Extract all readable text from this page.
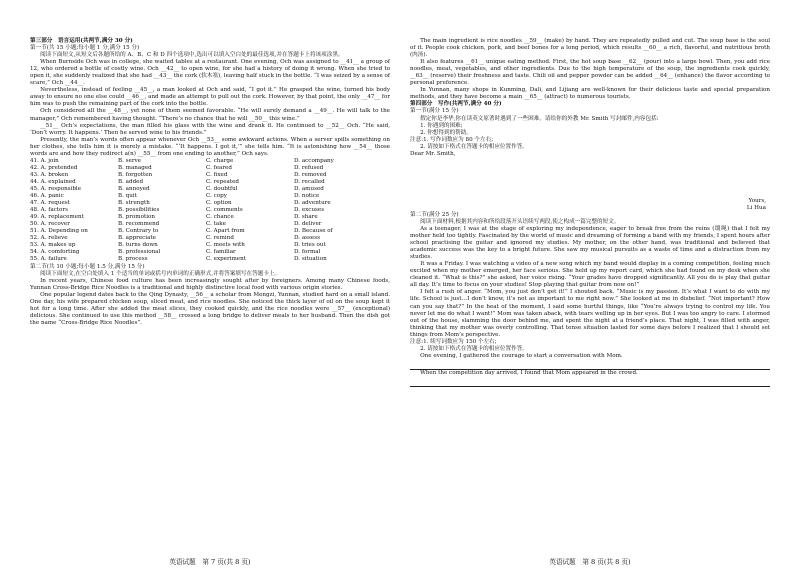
第三部分　语言运用(共两节,满分 30 分)

第一节(共 15 小题;每小题 1 分,满分 15 分)

阅读下面短文,从短文后各题所给的 A、B、C 和 D 四个选项中,选出可以填入空白处的最佳选项,并在答题卡上将该项涂黑。

When Burnside Och was in college, she waited tables at a restaurant. One evening, Och was assigned to __41__ a group of 12, who ordered a bottle of costly wine. Och __42__ to open wine, for she had a history of doing it wrong. When she tried to open it, she suddenly realized that she had __43__ the cork (软木塞), leaving half stuck in the bottle. “I was seized by a sense of scare,” Och __44__.

Nevertheless, instead of feeling __45__, a man looked at Och and said, “I got it.” He grasped the wine, turned his body away to ensure no one else could __46__, and made an attempt to pull out the cork. However, by that point, the only __47__ for him was to push the remaining part of the cork into the bottle.

Och considered all the __48__, yet none of them seemed favorable. “He will surely demand a __49__. He will talk to the manager,” Och remembered having thought. “There’s no chance that he will __50__ this wine.”

__51__ Och’s expectations, the man filled his glass with the wine and drank it. He continued to __52__ Och. “He said, ‘Don’t worry. It happens.’ Then he served wine to his friends.”

Presently, the man’s words often appear whenever Och __53__ some awkward actions. When a server spills something on her clothes, she tells him it is merely a mistake. “‘It happens. I got it,’” she tells him. “It is astonishing how __54__ those words are and how they redirect a(n) __55__ from one ending to another,” Och says.

41. A. join	B. serve	C. charge	D. accompany
42. A. pretended	B. managed	C. feared	D. refused
43. A. broken	B. forgotten	C. fixed	D. removed
44. A. explained	B. added	C. repeated	D. recalled
45. A. responsible	B. annoyed	C. doubtful	D. amused
46. A. panic	B. quit	C. copy	D. notice
47. A. request	B. strength	C. option	D. adventure
48. A. factors	B. possibilities	C. comments	D. excuses
49. A. replacement	B. promotion	C. chance	D. share
50. A. recover	B. recommend	C. take	D. deliver
51. A. Depending on	B. Contrary to	C. Apart from	D. Because of
52. A. relieve	B. appreciate	C. remind	D. assess
53. A. makes up	B. turns down	C. meets with	D. tries out
54. A. comforting	B. professional	C. familiar	D. formal
55. A. failure	B. process	C. experiment	D. situation

第二节(共 10 小题;每小题 1.5 分,满分 15 分)

阅读下面短文,在空白处填入 1 个适当的单词或括号内单词的正确形式,并将答案填写在答题卡上。

In recent years, Chinese food culture has been increasingly sought after by foreigners. Among many Chinese foods, Yunnan Cross-Bridge Rice Noodles is a traditional and highly distinctive local food with various origin stories.

One popular legend dates back to the Qing Dynasty, __56__ a scholar from Mengzi, Yunnan, studied hard on a small island. One day, his wife prepared chicken soup, sliced meat, and rice noodles. She noticed the thick layer of oil on the soup kept it hot for a long time. After she added the meat slices, they cooked quickly, and the rice noodles were __57__ (exceptional) delicious. She continued to use this method __58__ crossed a long bridge to deliver meals to her husband. Then the dish got the name “Cross-Bridge Rice Noodles”.

The main ingredient is rice noodles __59__ (make) by hand. They are repeatedly pulled and cut. The soup base is the soul of it. People cook chicken, pork, and beef bones for a long period, which results __60__ a rich, flavorful, and nutritious broth (肉汤).

It also features __61__ unique eating method. First, the hot soup base __62__ (pour) into a large bowl. Then, you add rice noodles, meat, vegetables, and other ingredients. Due to the high temperature of the soup, the ingredients cook quickly, __63__ (reserve) their freshness and taste. Chili oil and pepper powder can be added __64__ (enhance) the flavor according to personal preference.

In Yunnan, many shops in Kunming, Dali, and Lijiang are well-known for their delicious taste and special preparation methods, and they have become a main __65__ (attract) to numerous tourists.

第四部分　写作(共两节,满分 40 分)

第一节(满分 15 分)

假定你是李华,你在读英文原著时遇到了一些困难。请给你的外教 Mr. Smith 写封邮件,内容包括:

1. 你遇到的困难;

2. 你想得到的帮助。

注意:1. 写作词数应为 80 个左右;

2. 请按如下格式在答题卡的相应位置作答。

Dear Mr. Smith,

Yours,

Li Hua

第二节(满分 25 分)

阅读下面材料,根据其内容和所给段落开头语续写两段,使之构成一篇完整的短文。

As a teenager, I was at the stage of exploring my independence, eager to break free from the reins (缰绳) that I felt my mother held too tightly. Fascinated by the world of music and dreaming of forming a band with my friends, I spent hours after school practising the guitar and ignored my studies. My mother, on the other hand, was traditional and believed that academic success was the key to a bright future. She saw my musical pursuits as a waste of time and a distraction from my studies.

It was a Friday. I was watching a video of a new song which my band would display in a coming competition, feeling much excited when my mother emerged, her face serious. She held up my report card, which she had found on my desk when she cleaned it. “What is this?” she asked, her voice rising. “Your grades have dropped significantly. All you do is play that guitar all day. It’s time to focus on your studies! Stop playing that guitar from now on!”

I felt a rush of anger. “Mom, you just don’t get it!” I shouted back. “Music is my passion. It’s what I want to do with my life. School is just…I don’t know, it’s not as important to me right now.” She looked at me in disbelief. “Not important? How can you say that?” In the heat of the moment, I said some hurtful things, like “You’re always trying to control my life. You never let me do what I want!” Mom was taken aback, with tears welling up in her eyes. But I was too angry to care. I stormed out of the house, slamming the door behind me, and spent the night at a friend’s place. That night, I was filled with anger, thinking that my mother was overly controlling. That tense situation lasted for some days before I realized that I should set things from Mom’s perspective.

注意:1. 续写词数应为 150 个左右;

2. 请按如下格式在答题卡的相应位置作答。

One evening, I gathered the courage to start a conversation with Mom.

When the competition day arrived, I found that Mom appeared in the crowd.

英语试题　第 7 页(共 8 页)	英语试题　第 8 页(共 8 页)
